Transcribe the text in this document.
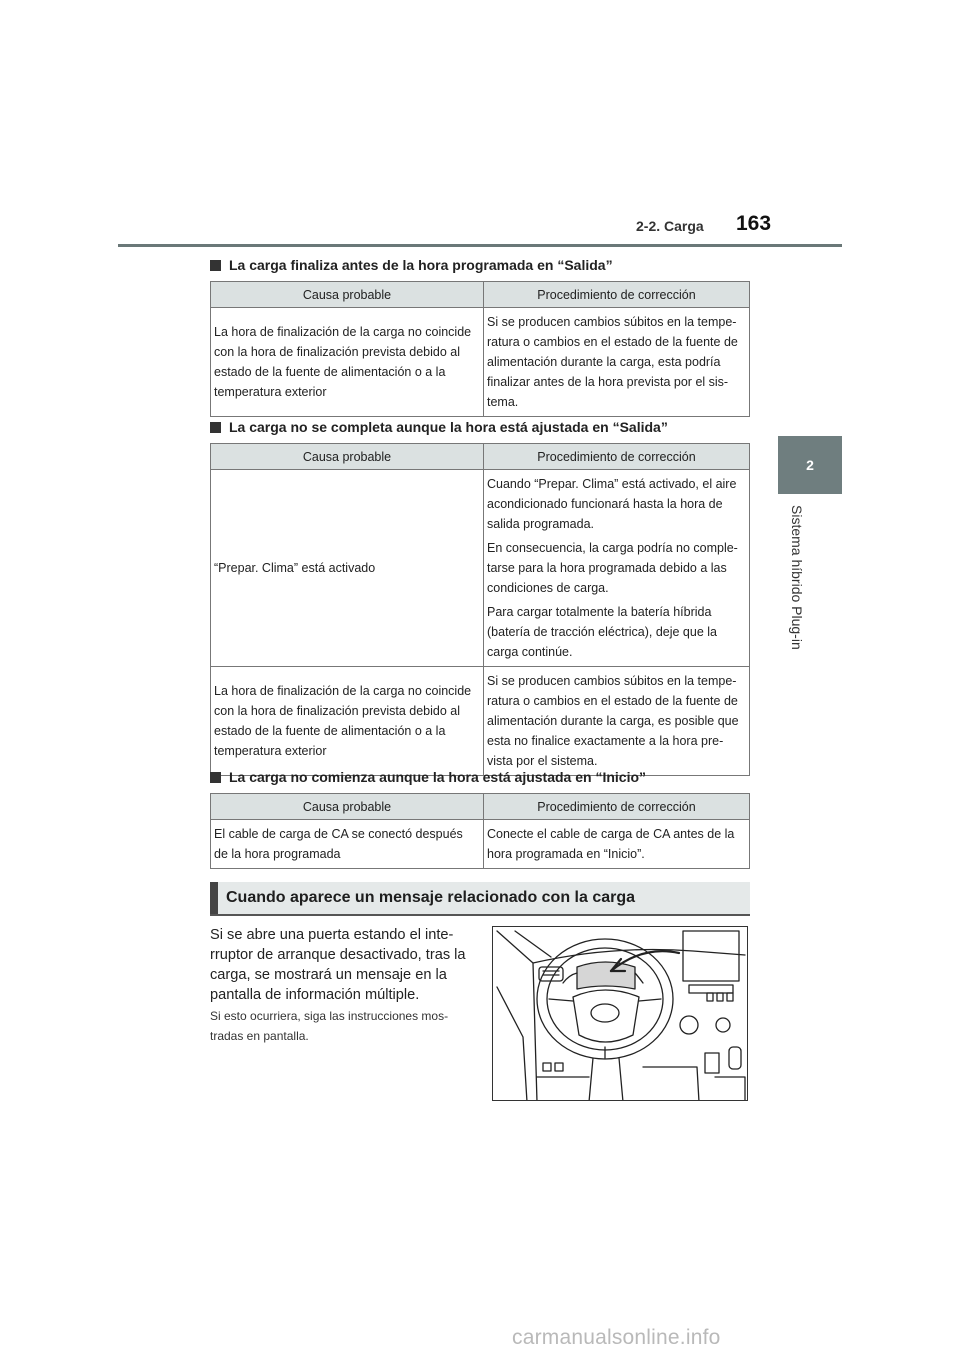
2-2. Carga 163
2
Sistema híbrido Plug-in
La carga finaliza antes de la hora programada en “Salida”
Causa probable	Procedimiento de corrección
La hora de finalización de la carga no coincide con la hora de finalización prevista debido al estado de la fuente de alimentación o a la temperatura exterior	Si se producen cambios súbitos en la tempe-ratura o cambios en el estado de la fuente de alimentación durante la carga, esta podría finalizar antes de la hora prevista por el sis-tema.

La carga no se completa aunque la hora está ajustada en “Salida”
Causa probable	Procedimiento de corrección
“Prepar. Clima” está activado	Cuando “Prepar. Clima” está activado, el aire acondicionado funcionará hasta la hora de salida programada.

En consecuencia, la carga podría no comple-tarse para la hora programada debido a las condiciones de carga.

Para cargar totalmente la batería híbrida (batería de tracción eléctrica), deje que la carga continúe.

La hora de finalización de la carga no coincide con la hora de finalización prevista debido al estado de la fuente de alimentación o a la temperatura exterior	Si se producen cambios súbitos en la tempe-ratura o cambios en el estado de la fuente de alimentación durante la carga, es posible que esta no finalice exactamente a la hora pre-vista por el sistema.

La carga no comienza aunque la hora está ajustada en “Inicio”
Causa probable	Procedimiento de corrección
El cable de carga de CA se conectó después de la hora programada	Conecte el cable de carga de CA antes de la hora programada en “Inicio”.

Cuando aparece un mensaje relacionado con la carga
Si se abre una puerta estando el inte-rruptor de arranque desactivado, tras la carga, se mostrará un mensaje en la pantalla de información múltiple.
Si esto ocurriera, siga las instrucciones mos-tradas en pantalla.
carmanualsonline.info
